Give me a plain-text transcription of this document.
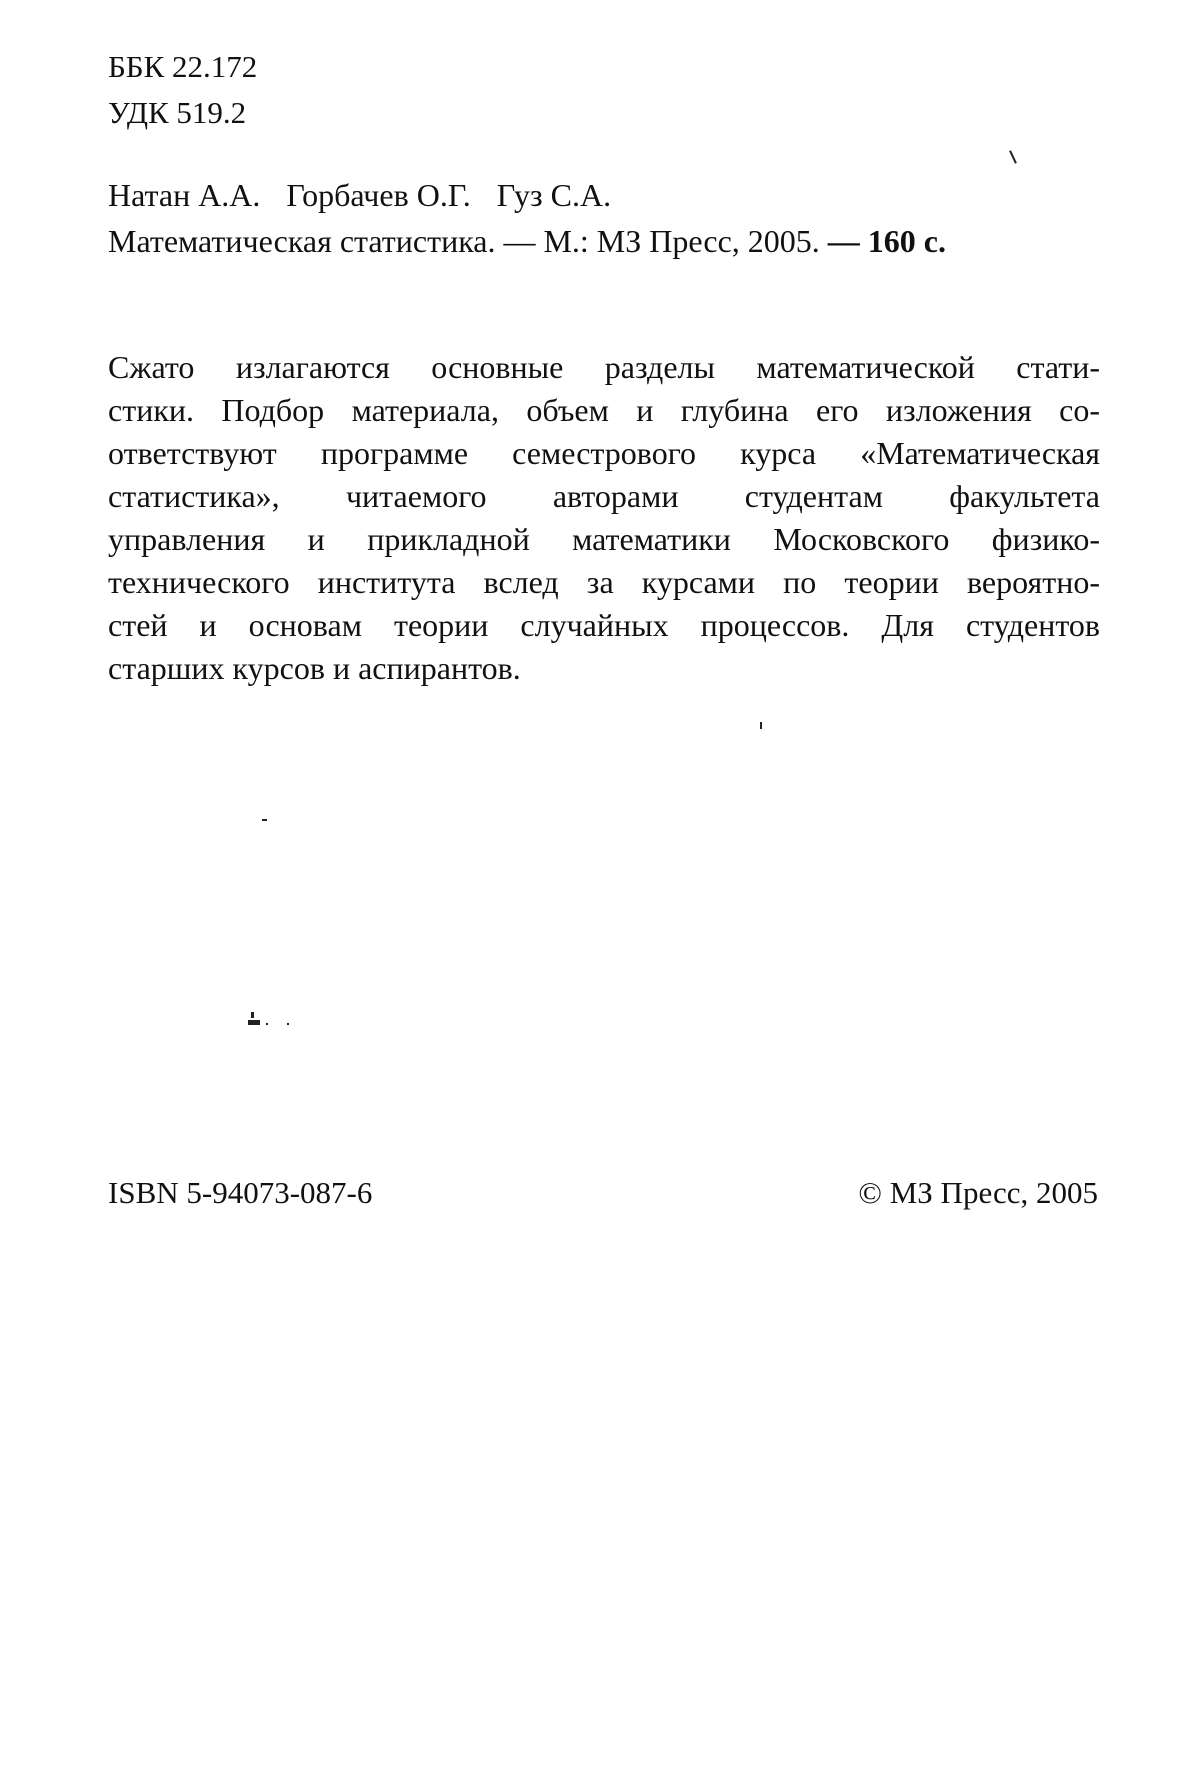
ББК 22.172
УДК 519.2
Натан А.А. Горбачев О.Г. Гуз С.А.
Математическая статистика. — М.: МЗ Пресс, 2005. — 160 с.
Сжато излагаются основные разделы математической стати-
стики. Подбор материала, объем и глубина его изложения со-
ответствуют программе семестрового курса «Математическая
статистика», читаемого авторами студентам факультета
управления и прикладной математики Московского физико-
технического института вслед за курсами по теории вероятно-
стей и основам теории случайных процессов. Для студентов
старших курсов и аспирантов.
ISBN 5-94073-087-6	© МЗ Пресс, 2005
